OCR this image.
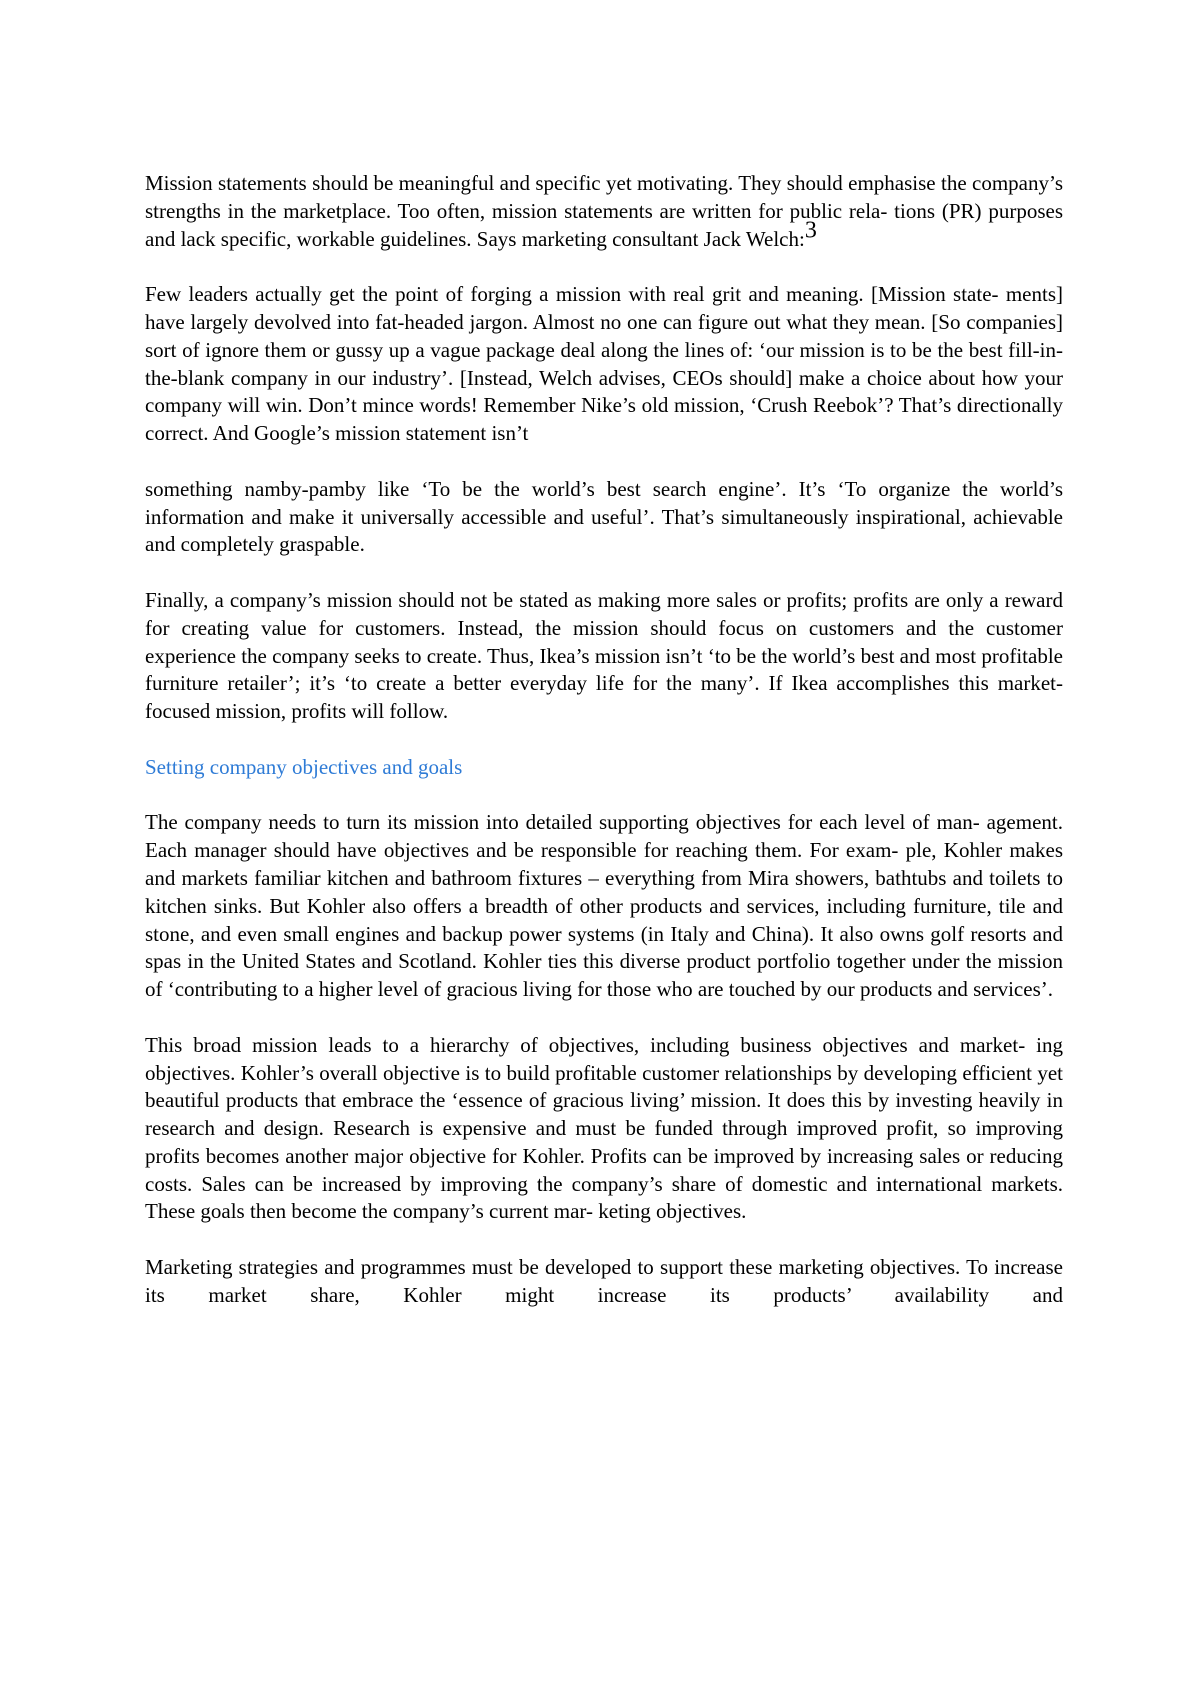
Mission statements should be meaningful and specific yet motivating. They should emphasise the company’s strengths in the marketplace. Too often, mission statements are written for public rela- tions (PR) purposes and lack specific, workable guidelines. Says marketing consultant Jack Welch:3

Few leaders actually get the point of forging a mission with real grit and meaning. [Mission state- ments] have largely devolved into fat-headed jargon. Almost no one can figure out what they mean. [So companies] sort of ignore them or gussy up a vague package deal along the lines of: ‘our mission is to be the best fill-in-the-blank company in our industry’. [Instead, Welch advises, CEOs should] make a choice about how your company will win. Don’t mince words! Remember Nike’s old mission, ‘Crush Reebok’? That’s directionally correct. And Google’s mission statement isn’t

something namby-pamby like ‘To be the world’s best search engine’. It’s ‘To organize the world’s information and make it universally accessible and useful’. That’s simultaneously inspirational, achievable and completely graspable.

Finally, a company’s mission should not be stated as making more sales or profits; profits are only a reward for creating value for customers. Instead, the mission should focus on customers and the customer experience the company seeks to create. Thus, Ikea’s mission isn’t ‘to be the world’s best and most profitable furniture retailer’; it’s ‘to create a better everyday life for the many’. If Ikea accomplishes this market-focused mission, profits will follow.

Setting company objectives and goals

The company needs to turn its mission into detailed supporting objectives for each level of man- agement. Each manager should have objectives and be responsible for reaching them. For exam- ple, Kohler makes and markets familiar kitchen and bathroom fixtures – everything from Mira showers, bathtubs and toilets to kitchen sinks. But Kohler also offers a breadth of other products and services, including furniture, tile and stone, and even small engines and backup power systems (in Italy and China). It also owns golf resorts and spas in the United States and Scotland. Kohler ties this diverse product portfolio together under the mission of ‘contributing to a higher level of gracious living for those who are touched by our products and services’.

This broad mission leads to a hierarchy of objectives, including business objectives and market- ing objectives. Kohler’s overall objective is to build profitable customer relationships by developing efficient yet beautiful products that embrace the ‘essence of gracious living’ mission. It does this by investing heavily in research and design. Research is expensive and must be funded through improved profit, so improving profits becomes another major objective for Kohler. Profits can be improved by increasing sales or reducing costs. Sales can be increased by improving the company’s share of domestic and international markets. These goals then become the company’s current mar- keting objectives.

Marketing strategies and programmes must be developed to support these marketing objectives. To increase its market share, Kohler might increase its products’ availability and
